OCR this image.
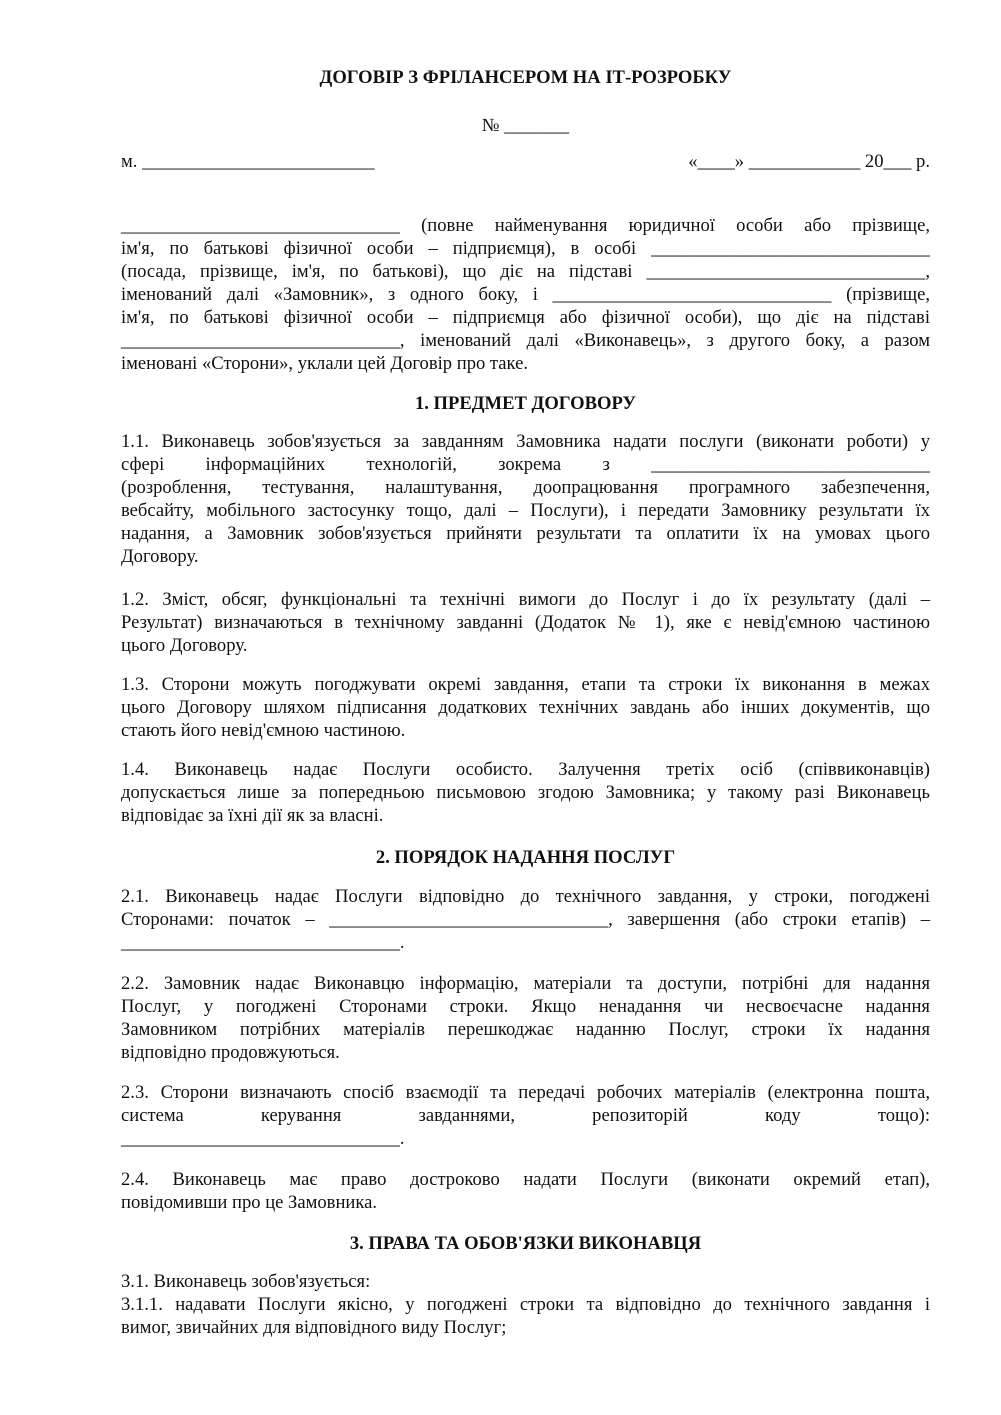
ДОГОВІР З ФРІЛАНСЕРОМ НА ІТ-РОЗРОБКУ
№ _______
м. _________________________	«____» ____________ 20___ р.
______________________________ (повне найменування юридичної особи або прізвище,
ім'я, по батькові фізичної особи – підприємця), в особі ______________________________
(посада, прізвище, ім'я, по батькові), що діє на підставі ______________________________,
іменований далі «Замовник», з одного боку, і ______________________________ (прізвище,
ім'я, по батькові фізичної особи – підприємця або фізичної особи), що діє на підставі
______________________________, іменований далі «Виконавець», з другого боку, а разом
іменовані «Сторони», уклали цей Договір про таке.
1. ПРЕДМЕТ ДОГОВОРУ
1.1. Виконавець зобов'язується за завданням Замовника надати послуги (виконати роботи) у
сфері інформаційних технологій, зокрема з ______________________________
(розроблення, тестування, налаштування, доопрацювання програмного забезпечення,
вебсайту, мобільного застосунку тощо, далі – Послуги), і передати Замовнику результати їх
надання, а Замовник зобов'язується прийняти результати та оплатити їх на умовах цього
Договору.
1.2. Зміст, обсяг, функціональні та технічні вимоги до Послуг і до їх результату (далі –
Результат) визначаються в технічному завданні (Додаток № 1), яке є невід'ємною частиною
цього Договору.
1.3. Сторони можуть погоджувати окремі завдання, етапи та строки їх виконання в межах
цього Договору шляхом підписання додаткових технічних завдань або інших документів, що
стають його невід'ємною частиною.
1.4. Виконавець надає Послуги особисто. Залучення третіх осіб (співвиконавців)
допускається лише за попередньою письмовою згодою Замовника; у такому разі Виконавець
відповідає за їхні дії як за власні.
2. ПОРЯДОК НАДАННЯ ПОСЛУГ
2.1. Виконавець надає Послуги відповідно до технічного завдання, у строки, погоджені
Сторонами: початок – ______________________________, завершення (або строки етапів) –
______________________________.
2.2. Замовник надає Виконавцю інформацію, матеріали та доступи, потрібні для надання
Послуг, у погоджені Сторонами строки. Якщо ненадання чи несвоєчасне надання
Замовником потрібних матеріалів перешкоджає наданню Послуг, строки їх надання
відповідно продовжуються.
2.3. Сторони визначають спосіб взаємодії та передачі робочих матеріалів (електронна пошта,
система керування завданнями, репозиторій коду тощо):
______________________________.
2.4. Виконавець має право достроково надати Послуги (виконати окремий етап),
повідомивши про це Замовника.
3. ПРАВА ТА ОБОВ'ЯЗКИ ВИКОНАВЦЯ
3.1. Виконавець зобов'язується:
3.1.1. надавати Послуги якісно, у погоджені строки та відповідно до технічного завдання і
вимог, звичайних для відповідного виду Послуг;
